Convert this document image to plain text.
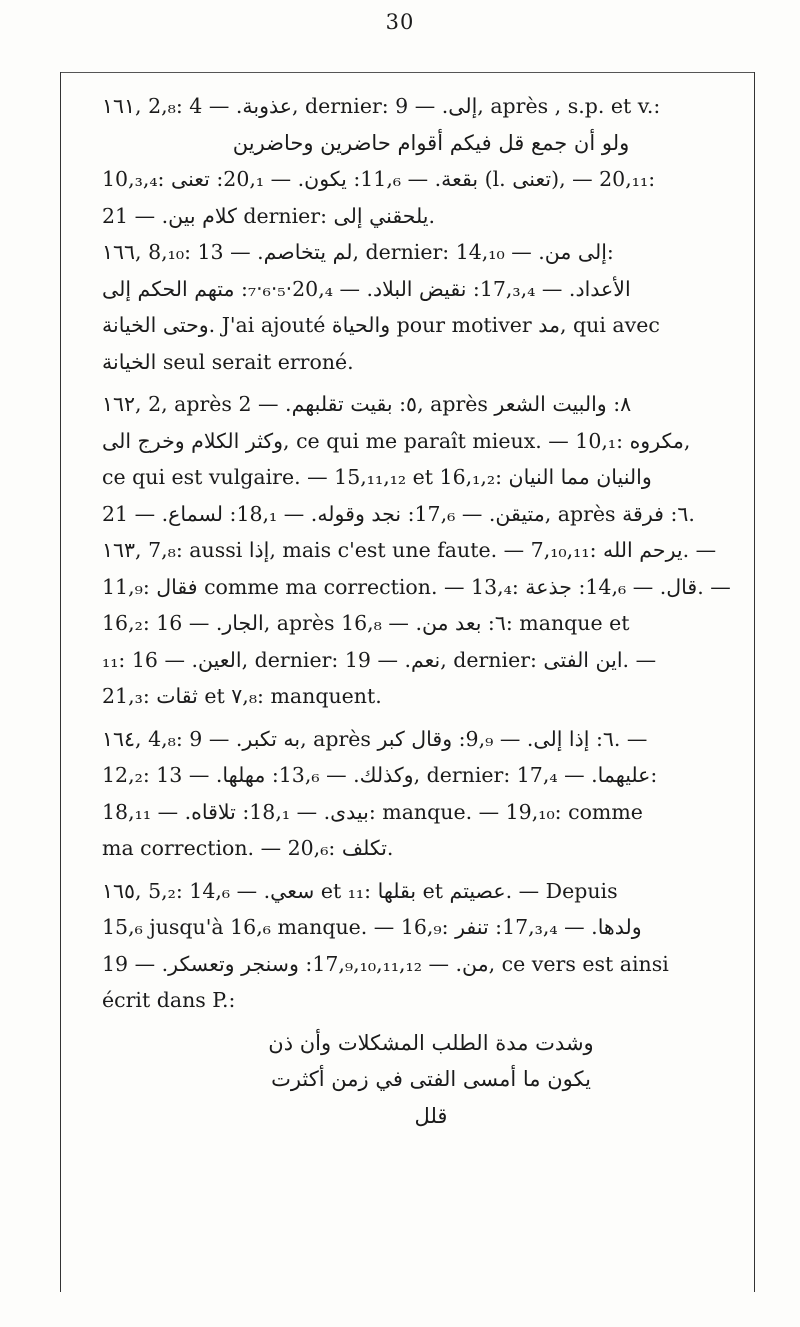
30
١٦١, 2,₈: عذوبة. — 4, dernier: إلى. — 9, après ‎,‏ s.p. et v.:
ولو أن جمع قل فيكم أقوام حاضرين وحاضرين
10,₃,₄: بقعة. — 11,₆: يكون. — 20,₁: تعنى (l. تعنى), — 20,₁₁:
كلام بين. — 21 dernier: يلحقني إلى.
١٦٦, 8,₁₀: لم يتخاصم. — 13, dernier: إلى من. — 14,₁₀:
الأعداد. — 17,₃,₄: نقيض البلاد. — 20,₄‧₅‧₆‧₇: متهم الحكم إلى
وحتى الخيانة. J'ai ajouté والحياة pour motiver مد, qui avec
الخيانة seul serait erroné.
١٦٢, 2, après ٥: بقيت تقلبهم. — 2, après ٨: والبيت الشعر
وكثر الكلام وخرج الى, ce qui me paraît mieux. — 10,₁: مكروه,
ce qui est vulgaire. — 15,₁₁,₁₂ et 16,₁,₂: والنيان مما النيان
متيقن. — 17,₆: نجد وقوله. — 18,₁: لسماع. — 21, après ٦: فرقة.
١٦٣, 7,₈: aussi إذا, mais c'est une faute. — 7,₁₀,₁₁: يرحم الله. —
11,₉: فقال comme ma correction. — 13,₄: قال. — 14,₆: جذعة. —
16,₂: الجار. — 16, après ٦: بعد من. — 16,₈: manque et
₁₁: العين. — 16, dernier: نعم. — 19, dernier: اين الفتى. —
21,₃: ثقات et ٧,₈: manquent.
١٦٤, 4,₈: به تكبر. — 9, après ٦: إذا إلى. — 9,₉: وقال كبر. —
12,₂: وكذلك. — 13,₆: مهلها. — 13, dernier: عليهما. — 17,₄:
بيدى. — 18,₁: تلاقاه. — 18,₁₁: manque. — 19,₁₀: comme
ma correction. — 20,₆: تكلف.
١٦٥, 5,₂: سعي. — 14,₆ et ₁₁: بقلها et عصيتم. — Depuis
15,₆ jusqu'à 16,₆ manque. — 16,₉: ولدها. — 17,₃,₄: تنفر
من. — 17,₉,₁₀,₁₁,₁₂: وسنجر وتعسكر. — 19, ce vers est ainsi
écrit dans P.:
وشدت مدة الطلب المشكلات وأن ذن
يكون ما أمسى الفتى في زمن أكثرت
قلل
